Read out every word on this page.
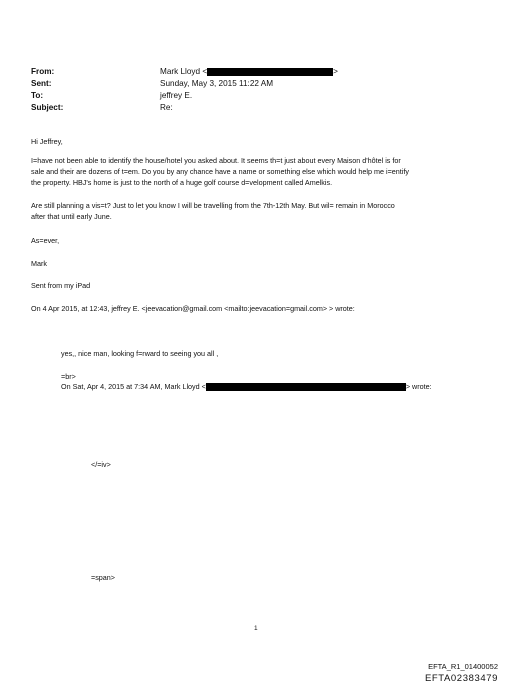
From:	Mark Lloyd <	>
Sent:	Sunday, May 3, 2015 11:22 AM
To:	jeffrey E.
Subject:	Re:
Hi Jeffrey,
I=have not been able to identify the house/hotel you asked about. It seems th=t just about every Maison d'hôtel is for
sale and their are dozens of t=em. Do you by any chance have a name or something else which would help me i=entify
the property. HBJ's home is just to the north of a huge golf course d=velopment called Amelkis.
Are still planning a vis=t? Just to let you know I will be travelling from the 7th-12th May. But wil= remain in Morocco
after that until early June.
As=ever,
Mark
Sent from my iPad
On 4 Apr 2015, at 12:43, jeffrey E. <jeevacation@gmail.com <mailto:jeevacation=gmail.com> > wrote:
yes,, nice man, looking f=rward to seeing you all ,
=br>
On Sat, Apr 4, 2015 at 7:34 AM, Mark Lloyd <	> wrote:
</=iv>
=span>
1
EFTA_R1_01400052
EFTA02383479
